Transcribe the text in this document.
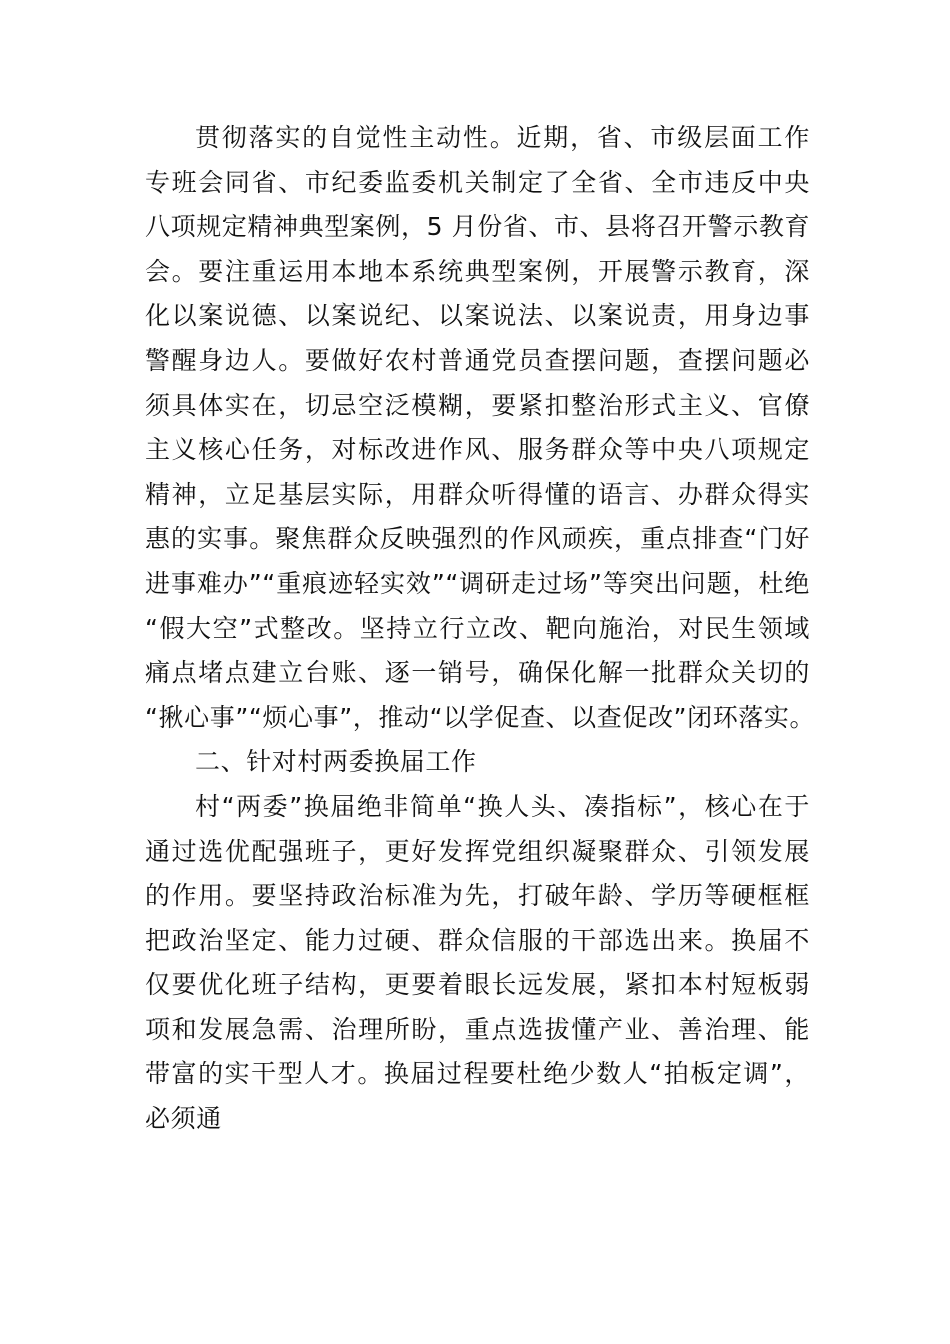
贯彻落实的自觉性主动性。近期，省、市级层面工作
专班会同省、市纪委监委机关制定了全省、全市违反中央
八项规定精神典型案例，5 月份省、市、县将召开警示教育
会。要注重运用本地本系统典型案例，开展警示教育，深
化以案说德、以案说纪、以案说法、以案说责，用身边事
警醒身边人。要做好农村普通党员查摆问题，查摆问题必
须具体实在，切忌空泛模糊，要紧扣整治形式主义、官僚
主义核心任务，对标改进作风、服务群众等中央八项规定
精神，立足基层实际，用群众听得懂的语言、办群众得实
惠的实事。聚焦群众反映强烈的作风顽疾，重点排查“门好
进事难办”“重痕迹轻实效”“调研走过场”等突出问题，杜绝
“假大空”式整改。坚持立行立改、靶向施治，对民生领域
痛点堵点建立台账、逐一销号，确保化解一批群众关切的
“揪心事”“烦心事”，推动“以学促查、以查促改”闭环落实。
二、针对村两委换届工作
村“两委”换届绝非简单“换人头、凑指标”，核心在于
通过选优配强班子，更好发挥党组织凝聚群众、引领发展
的作用。要坚持政治标准为先，打破年龄、学历等硬框框
把政治坚定、能力过硬、群众信服的干部选出来。换届不
仅要优化班子结构，更要着眼长远发展，紧扣本村短板弱
项和发展急需、治理所盼，重点选拔懂产业、善治理、能
带富的实干型人才。换届过程要杜绝少数人“拍板定调”，
必须通
